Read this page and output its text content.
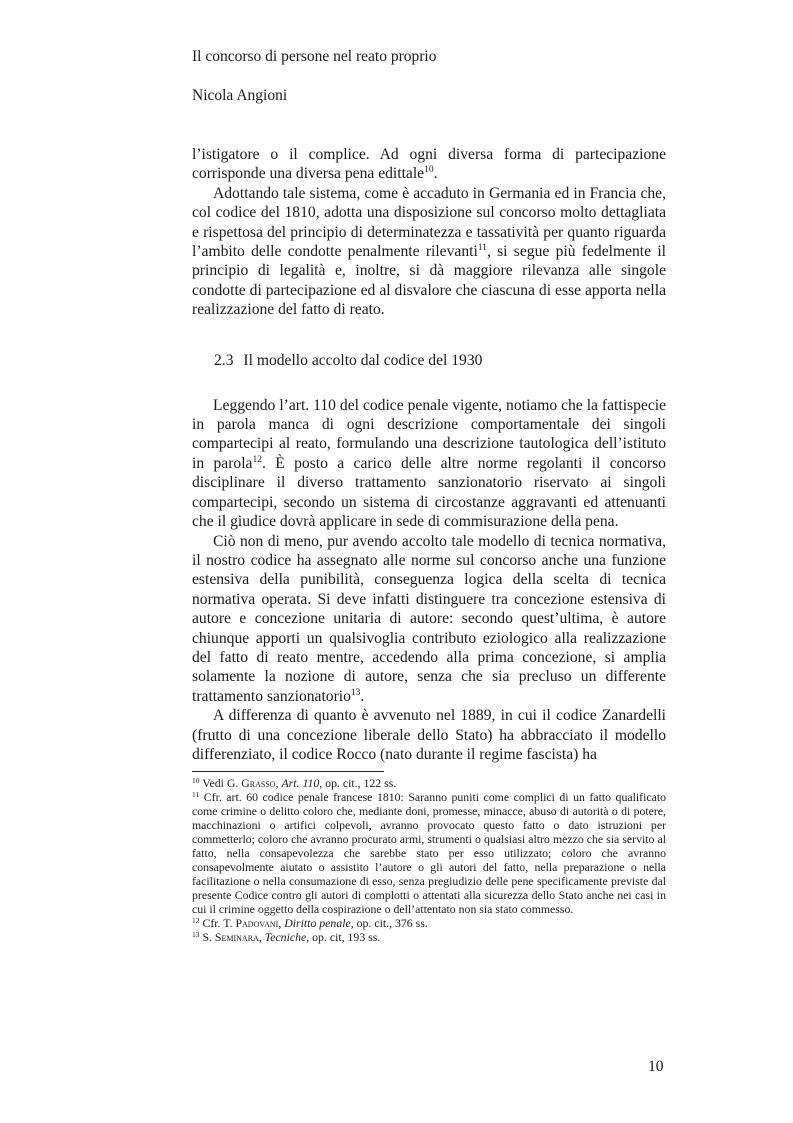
Il concorso di persone nel reato proprio
Nicola Angioni

l’istigatore o il complice. Ad ogni diversa forma di partecipazione corrisponde una diversa pena edittale$^{10}$.

Adottando tale sistema, come è accaduto in Germania ed in Francia che, col codice del 1810, adotta una disposizione sul concorso molto dettagliata e rispettosa del principio di determinatezza e tassatività per quanto riguarda l’ambito delle condotte penalmente rilevanti$^{11}$, si segue più fedelmente il principio di legalità e, inoltre, si dà maggiore rilevanza alle singole condotte di partecipazione ed al disvalore che ciascuna di esse apporta nella realizzazione del fatto di reato.

2.3 Il modello accolto dal codice del 1930

Leggendo l’art. 110 del codice penale vigente, notiamo che la fattispecie in parola manca di ogni descrizione comportamentale dei singoli compartecipi al reato, formulando una descrizione tautologica dell’istituto in parola$^{12}$. È posto a carico delle altre norme regolanti il concorso disciplinare il diverso trattamento sanzionatorio riservato ai singoli compartecipi, secondo un sistema di circostanze aggravanti ed attenuanti che il giudice dovrà applicare in sede di commisurazione della pena.

Ciò non di meno, pur avendo accolto tale modello di tecnica normativa, il nostro codice ha assegnato alle norme sul concorso anche una funzione estensiva della punibilità, conseguenza logica della scelta di tecnica normativa operata. Si deve infatti distinguere tra concezione estensiva di autore e concezione unitaria di autore: secondo quest’ultima, è autore chiunque apporti un qualsivoglia contributo eziologico alla realizzazione del fatto di reato mentre, accedendo alla prima concezione, si amplia solamente la nozione di autore, senza che sia precluso un differente trattamento sanzionatorio$^{13}$.

A differenza di quanto è avvenuto nel 1889, in cui il codice Zanardelli (frutto di una concezione liberale dello Stato) ha abbracciato il modello differenziato, il codice Rocco (nato durante il regime fascista) ha

$^{10}$ Vedi G. Grasso, Art. 110, op. cit., 122 ss.

$^{11}$ Cfr. art. 60 codice penale francese 1810: Saranno puniti come complici di un fatto qualificato come crimine o delitto coloro che, mediante doni, promesse, minacce, abuso di autorità o di potere, macchinazioni o artifici colpevoli, avranno provocato questo fatto o dato istruzioni per commetterlo; coloro che avranno procurato armi, strumenti o qualsiasi altro mezzo che sia servito al fatto, nella consapevolezza che sarebbe stato per esso utilizzato; coloro che avranno consapevolmente aiutato o assistito l’autore o gli autori del fatto, nella preparazione o nella facilitazione o nella consumazione di esso, senza pregiudizio delle pene specificamente previste dal presente Codice contro gli autori di complotti o attentati alla sicurezza dello Stato anche nei casi in cui il crimine oggetto della cospirazione o dell’attentato non sia stato commesso.

$^{12}$ Cfr. T. Padovani, Diritto penale, op. cit., 376 ss.

$^{13}$ S. Seminara, Tecniche, op. cit, 193 ss.

10
